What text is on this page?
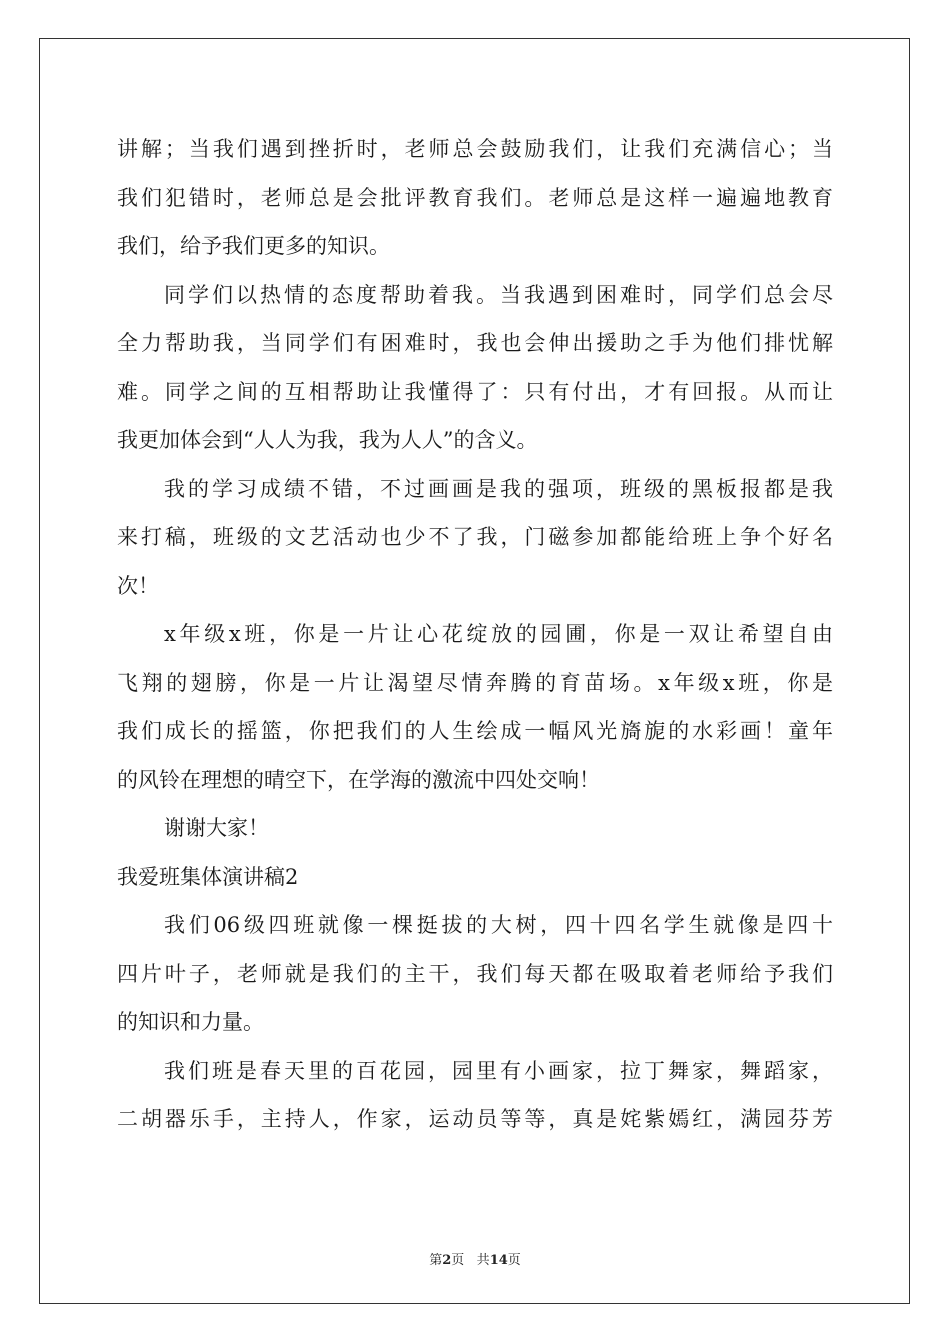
讲解；当我们遇到挫折时，老师总会鼓励我们，让我们充满信心；当
我们犯错时，老师总是会批评教育我们。老师总是这样一遍遍地教育
我们，给予我们更多的知识。
同学们以热情的态度帮助着我。当我遇到困难时，同学们总会尽
全力帮助我，当同学们有困难时，我也会伸出援助之手为他们排忧解
难。同学之间的互相帮助让我懂得了：只有付出，才有回报。从而让
我更加体会到“人人为我，我为人人”的含义。
我的学习成绩不错，不过画画是我的强项，班级的黑板报都是我
来打稿，班级的文艺活动也少不了我，门磁参加都能给班上争个好名
次！
x年级x班，你是一片让心花绽放的园圃，你是一双让希望自由
飞翔的翅膀，你是一片让渴望尽情奔腾的育苗场。x年级x班，你是
我们成长的摇篮，你把我们的人生绘成一幅风光旖旎的水彩画！童年
的风铃在理想的晴空下，在学海的激流中四处交响！
谢谢大家！
我爱班集体演讲稿2
我们06级四班就像一棵挺拔的大树，四十四名学生就像是四十
四片叶子，老师就是我们的主干，我们每天都在吸取着老师给予我们
的知识和力量。
我们班是春天里的百花园，园里有小画家，拉丁舞家，舞蹈家，
二胡器乐手，主持人，作家，运动员等等，真是姹紫嫣红，满园芬芳
第2页 共14页
